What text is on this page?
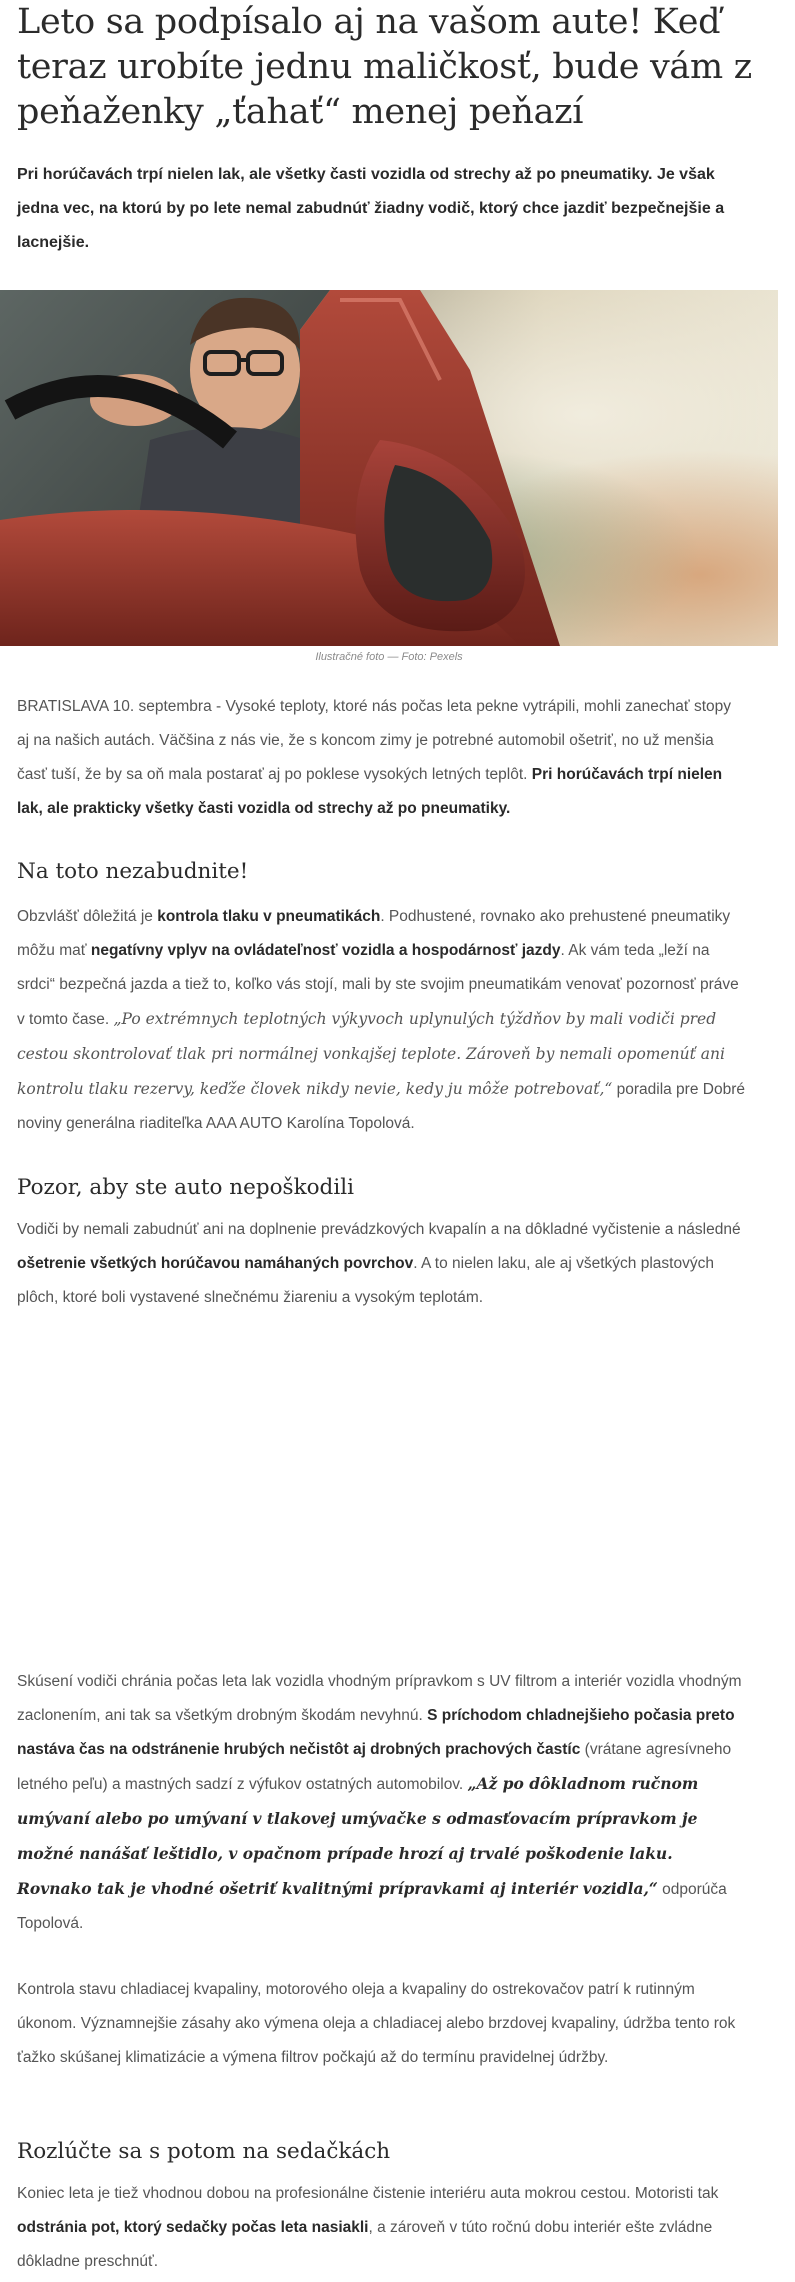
Leto sa podpísalo aj na vašom aute! Keď teraz urobíte jednu maličkosť, bude vám z peňaženky „ťahať“ menej peňazí

Pri horúčavách trpí nielen lak, ale všetky časti vozidla od strechy až po pneumatiky. Je však jedna vec, na ktorú by po lete nemal zabudnúť žiadny vodič, ktorý chce jazdiť bezpečnejšie a lacnejšie.

Ilustračné foto — Foto: Pexels

BRATISLAVA 10. septembra - Vysoké teploty, ktoré nás počas leta pekne vytrápili, mohli zanechať stopy aj na našich autách. Väčšina z nás vie, že s koncom zimy je potrebné automobil ošetriť, no už menšia časť tuší, že by sa oň mala postarať aj po poklese vysokých letných teplôt. Pri horúčavách trpí nielen lak, ale prakticky všetky časti vozidla od strechy až po pneumatiky.

Na toto nezabudnite!

Obzvlášť dôležitá je kontrola tlaku v pneumatikách. Podhustené, rovnako ako prehustené pneumatiky môžu mať negatívny vplyv na ovládateľnosť vozidla a hospodárnosť jazdy. Ak vám teda „leží na srdci“ bezpečná jazda a tiež to, koľko vás stojí, mali by ste svojim pneumatikám venovať pozornosť práve v tomto čase. „Po extrémnych teplotných výkyvoch uplynulých týždňov by mali vodiči pred cestou skontrolovať tlak pri normálnej vonkajšej teplote. Zároveň by nemali opomenúť ani kontrolu tlaku rezervy, keďže človek nikdy nevie, kedy ju môže potrebovať,“ poradila pre Dobré noviny generálna riaditeľka AAA AUTO Karolína Topolová.

Pozor, aby ste auto nepoškodili

Vodiči by nemali zabudnúť ani na doplnenie prevádzkových kvapalín a na dôkladné vyčistenie a následné ošetrenie všetkých horúčavou namáhaných povrchov. A to nielen laku, ale aj všetkých plastových plôch, ktoré boli vystavené slnečnému žiareniu a vysokým teplotám.

Skúsení vodiči chránia počas leta lak vozidla vhodným prípravkom s UV filtrom a interiér vozidla vhodným zaclonením, ani tak sa všetkým drobným škodám nevyhnú. S príchodom chladnejšieho počasia preto nastáva čas na odstránenie hrubých nečistôt aj drobných prachových častíc (vrátane agresívneho letného peľu) a mastných sadzí z výfukov ostatných automobilov. „Až po dôkladnom ručnom umývaní alebo po umývaní v tlakovej umývačke s odmasťovacím prípravkom je možné nanášať leštidlo, v opačnom prípade hrozí aj trvalé poškodenie laku. Rovnako tak je vhodné ošetriť kvalitnými prípravkami aj interiér vozidla,“ odporúča Topolová.

Kontrola stavu chladiacej kvapaliny, motorového oleja a kvapaliny do ostrekovačov patrí k rutinným úkonom. Významnejšie zásahy ako výmena oleja a chladiacej alebo brzdovej kvapaliny, údržba tento rok ťažko skúšanej klimatizácie a výmena filtrov počkajú až do termínu pravidelnej údržby.

Rozlúčte sa s potom na sedačkách

Koniec leta je tiež vhodnou dobou na profesionálne čistenie interiéru auta mokrou cestou. Motoristi tak odstránia pot, ktorý sedačky počas leta nasiakli, a zároveň v túto ročnú dobu interiér ešte zvládne dôkladne preschnúť.
